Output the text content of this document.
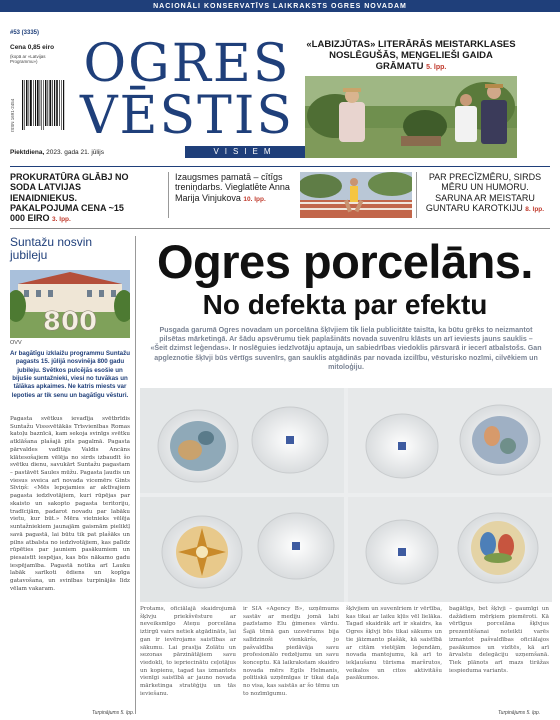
NACIONĀLI KONSERVATĪVS LAIKRAKSTS OGRES NOVADAM
#53 (3335)
Cena 0,85 eiro
(kopā ar «Latvijas Programmu»)
ISSN 1691-2454
Piektdiena, 2023. gada 21. jūlijs
OGRES
VĒSTIS
VISIEM
«LABIZJŪTAS» LITERĀRĀS MEISTARKLASES NOSLĒGUŠĀS, MEŅGELIEŠI GAIDA GRĀMATU 5. lpp.
PROKURATŪRA GLĀBJ NO SODA LATVIJAS IENAIDNIEKUS. PAKALPOJUMA CENA ~15 000 EIRO 3. lpp.
Izaugsmes pamatā – cītīgs treniņdarbs. Vieglatlēte Anna Marija Vinjukova 10. lpp.
PAR PRECĪZMĒRU, SIRDS MĒRU UN HUMORU. SARUNA AR MEISTARU GUNTARU KAROTKIJU 8. lpp.
Suntažu nosvin jubileju
800
OVV
Ar bagātīgu izklaižu programmu Suntažu pagasts 15. jūlijā nosvinēja 800 gadu jubileju. Svētkos pulcējās esošie un bijušie suntažnieki, viesi no tuvākas un tālākas apkaimes. Ne katris miests var lepoties ar tik senu un bagātīgu vēsturi.
Pagasta svētkus ievadīja svētbrīdis Suntažu Visssvētākās Trīsvienības Romas katoļu baznīcā, kam sekoja svinīgs svētku atklāšana plašajā pils pagalmā. Pagasta pārvaldes vadītājs Valdis Ancāns klātesošajiem vēlēja no sirds izbaudīt šo svētku dienu, savukārt Suntažu pagastam – pastāvēt Saules mūžu. Pagasta ļaudis un viesus sveica arī novada vicemērs Gints Sīviņš: «Mēs lepojamies ar aktīvajiem pagasta iedzīvotājiem, kuri rūpējas par skaisto un sakopto pagasta teritoriju, tradīcijām, padarot novadu par labāku vietu, kur būt.» Mēra vietnieks vēlēja suntažniekiem jaunajām gaismām pieliktļ savā pagastā, lai būtu tik pat plašāks un pilns atbalsta no iedzīvotājiem, kas palīdz rūpēties par jauniem pasākumiem un piesaistīt iespējas, kas būs nākamo gadu iespējamība. Pagastā notika arī Lauku labāk sarīkoti ēdiens un kopīga gatavošana, un svinības turpinājās līdz vēlam vakaram.
Turpinājums 5. lpp.
Ogres porcelāns.
No defekta par efektu
Pusgada garumā Ogres novadam un porcelāna šķīvjiem tik liela publicitāte taisīta, ka būtu grēks to neizmantot pilsētas mārketingā. Ar šādu apsvērumu tiek paplašināts novada suvenīru klāsts un arī ieviests jauns sauklis – «Šeit dzimst leģendas». Ir noslēguies iedzīvotāju aptauja, un sabiedrības viedoklis pārsvarā ir iecerī atbalstošs. Gan apgleznotie šķīvji būs vērtīgs suvenīrs, gan sauklis atgādinās par novada izcilību, vēsturisko nozīmi, cilvēkiem un mitoloģiju.
Protams, oficiālajā skaidrojumā šķīvju priekšvēsture ar neveiksmīgo Ateņu porcelāna iztirgū vairs netiek atgādināts, lai gan ir ievērojams saistības ar sākumu. Lai prasīja Zolātu un sezonas pārzinātājiem savu viedokli, to iepriecinātu ceļotājus un kopienu, tagad tas izmantots vienīgi saistībā ar jauno novada mārketinga stratēģiju un tās ieviešanu.
ir SIA «Agency B», uzņēmums sastāv ar mediju jomā labi pazīstamo Elu ģimenes vārdu. Šajā tēmā gan uzsvērums bija salīdzinoši vienkāršs, jo pašvaldība piedāvāja savu profesionālo redzējumu un savu konceptu. Kā laikrakstam skaidro novada mērs Egils Helmanis, politiskā uzņēmīgas ir tikai daļa no visa, kas saistās ar šo tēmu un to nozīmīgumu.
šķīvjiem un suvenīriem ir vērtība, kas tikai ar laiku kļūs vēl lielāka. Tagad skaidrāk arī ir skaidrs, ka Ogres šķīvji būs tikai sākums un tie jāizmanto plašāk, kā saistībā ar citām vietējām leģendām, novada mantojumu, kā arī to iekļaušanu tūrisma maršrutos, veikalos un citos aktivitāšu pasākumos.
bagātīgs, bet šķīvji – gaumīgi un dažādiem mērķiem piemēroti. Kā vērtīgus porcelāna šķīvjus prezentēšanai noteikti varēs izmantot pašvaldības oficiālajos pasākumos un vizītēs, kā arī ārvalstu delegāciju uzņemšanā. Tiek plānots arī mazs tirāžas iespieduma variants.
Turpinājums 5. lpp.
